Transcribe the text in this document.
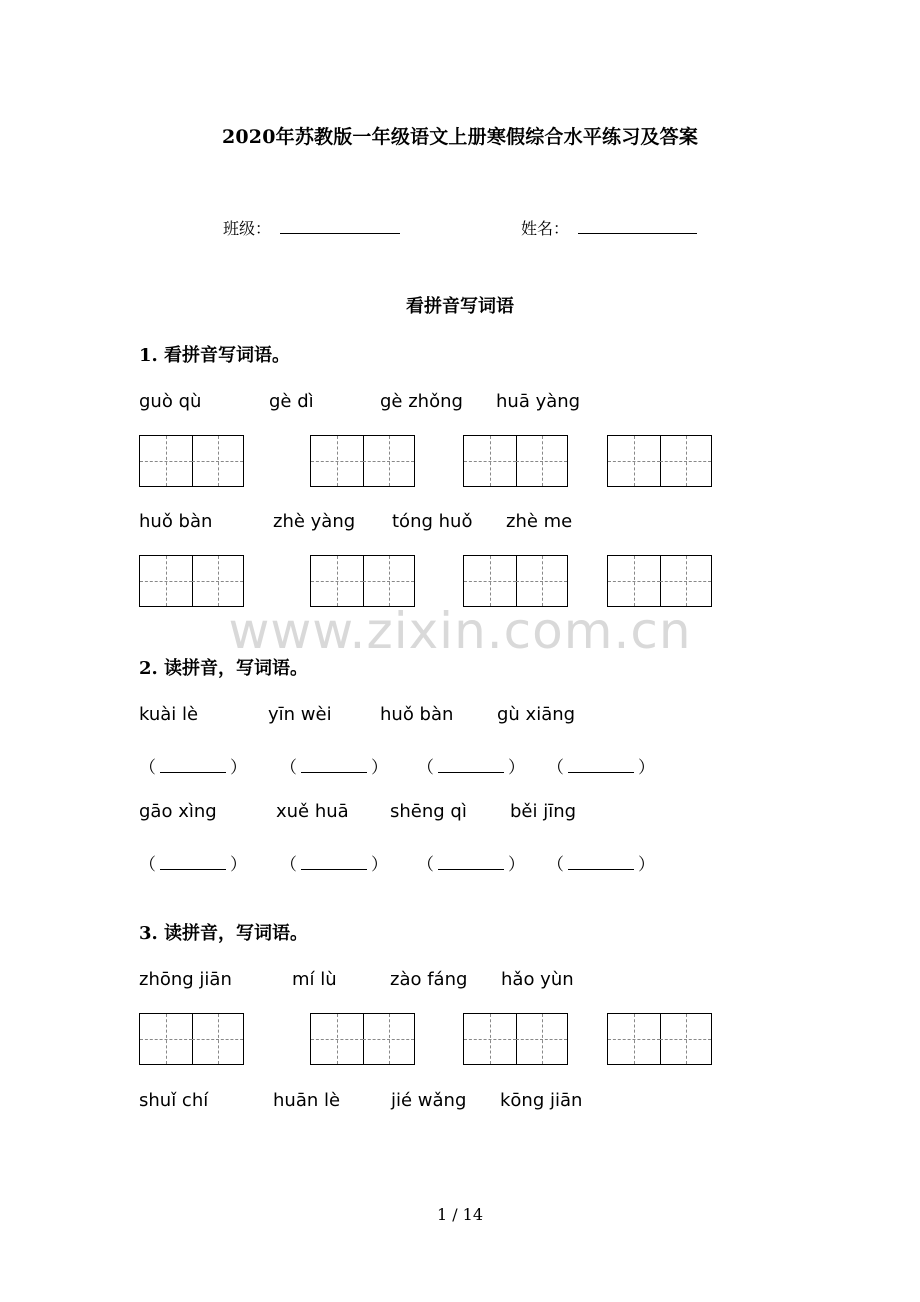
2020年苏教版一年级语文上册寒假综合水平练习及答案
班级：	姓名：
看拼音写词语
1. 看拼音写词语。
guò qù	gè dì	gè zhǒng huā yàng
huǒ bàn	zhè yàng tóng huǒ zhè me
www.zixin.com.cn
2. 读拼音，写词语。
kuài lè	yīn wèi	huǒ bàn gù xiāng
（	） （	） （	） （	）
gāo xìng	xuě huā shēng qì běi jīng
（	） （	） （	） （	）
3. 读拼音，写词语。
zhōng jiān	mí lù	zào fáng hǎo yùn
shuǐ chí	huān lè	jié wǎng kōng jiān
1 / 14
